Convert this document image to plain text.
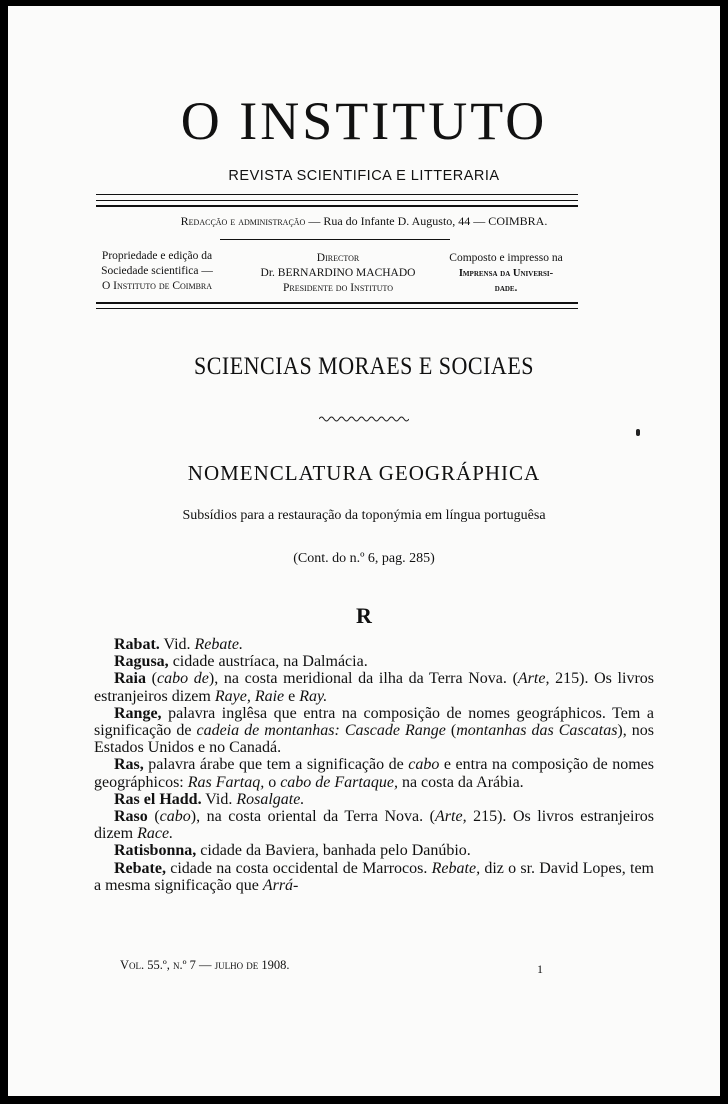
O INSTITUTO
REVISTA SCIENTIFICA E LITTERARIA
Redacção e administração — Rua do Infante D. Augusto, 44 — COIMBRA.
Propriedade e edição da
Sociedade scientifica —
O Instituto de Coimbra
Director
Dr. BERNARDINO MACHADO
Presidente do Instituto
Composto e impresso na
Imprensa da Universi-
dade.
SCIENCIAS MORAES E SOCIAES
NOMENCLATURA GEOGRÁPHICA
Subsídios para a restauração da toponýmia em língua portuguêsa
(Cont. do n.º 6, pag. 285)
R

Rabat. Vid. Rebate.

Ragusa, cidade austríaca, na Dalmácia.

Raia (cabo de), na costa meridional da ilha da Terra Nova. (Arte, 215). Os livros estranjeiros dizem Raye, Raie e Ray.

Range, palavra inglêsa que entra na composição de nomes geográphicos. Tem a significação de cadeia de montanhas: Cascade Range (montanhas das Cascatas), nos Estados Unidos e no Canadá.

Ras, palavra árabe que tem a significação de cabo e entra na composição de nomes geográphicos: Ras Fartaq, o cabo de Fartaque, na costa da Arábia.

Ras el Hadd. Vid. Rosalgate.

Raso (cabo), na costa oriental da Terra Nova. (Arte, 215). Os livros estranjeiros dizem Race.

Ratisbonna, cidade da Baviera, banhada pelo Danúbio.

Rebate, cidade na costa occidental de Marrocos. Rebate, diz o sr. David Lopes, tem a mesma significação que Arrá-

Vol. 55.º, n.º 7 — julho de 1908.	1
